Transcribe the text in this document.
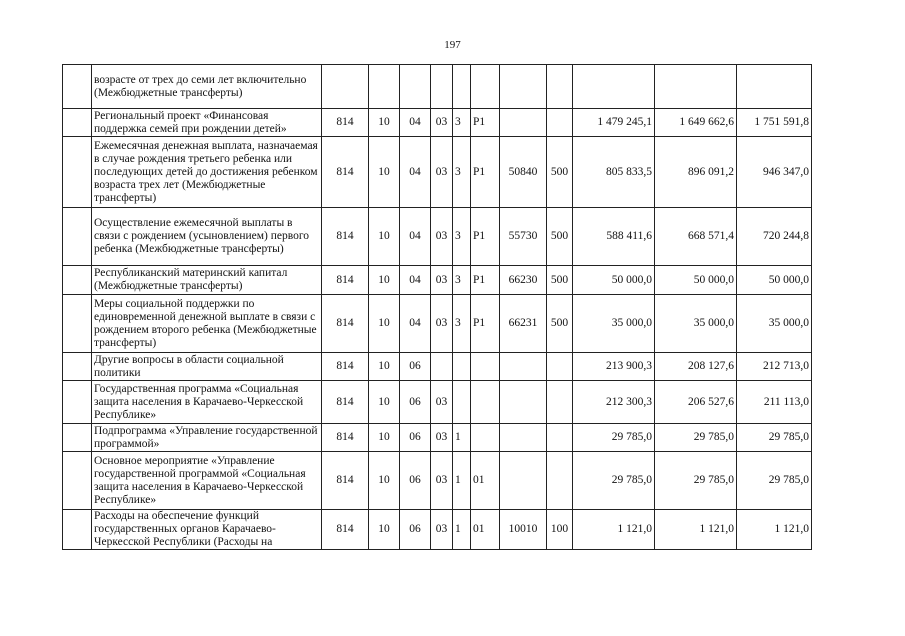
197
	возрасте от трех до семи лет включительно (Межбюджетные трансферты)											
	Региональный проект «Финансовая поддержка семей при рождении детей»	814	10	04	03	3	P1			1 479 245,1	1 649 662,6	1 751 591,8
	Ежемесячная денежная выплата, назначаемая в случае рождения третьего ребенка или последующих детей до достижения ребенком возраста трех лет (Межбюджетные трансферты)	814	10	04	03	3	P1	50840	500	805 833,5	896 091,2	946 347,0
	Осуществление ежемесячной выплаты в связи с рождением (усыновлением) первого ребенка (Межбюджетные трансферты)	814	10	04	03	3	P1	55730	500	588 411,6	668 571,4	720 244,8
	Республиканский материнский капитал (Межбюджетные трансферты)	814	10	04	03	3	P1	66230	500	50 000,0	50 000,0	50 000,0
	Меры социальной поддержки по единовременной денежной выплате в связи с рождением второго ребенка (Межбюджетные трансферты)	814	10	04	03	3	P1	66231	500	35 000,0	35 000,0	35 000,0
	Другие вопросы в области социальной политики	814	10	06						213 900,3	208 127,6	212 713,0
	Государственная программа «Социальная защита населения в Карачаево-Черкесской Республике»	814	10	06	03					212 300,3	206 527,6	211 113,0
	Подпрограмма «Управление государственной программой»	814	10	06	03	1				29 785,0	29 785,0	29 785,0
	Основное мероприятие «Управление государственной программой «Социальная защита населения в Карачаево-Черкесской Республике»	814	10	06	03	1	01			29 785,0	29 785,0	29 785,0
	Расходы на обеспечение функций государственных органов Карачаево-Черкесской Республики (Расходы на	814	10	06	03	1	01	10010	100	1 121,0	1 121,0	1 121,0
